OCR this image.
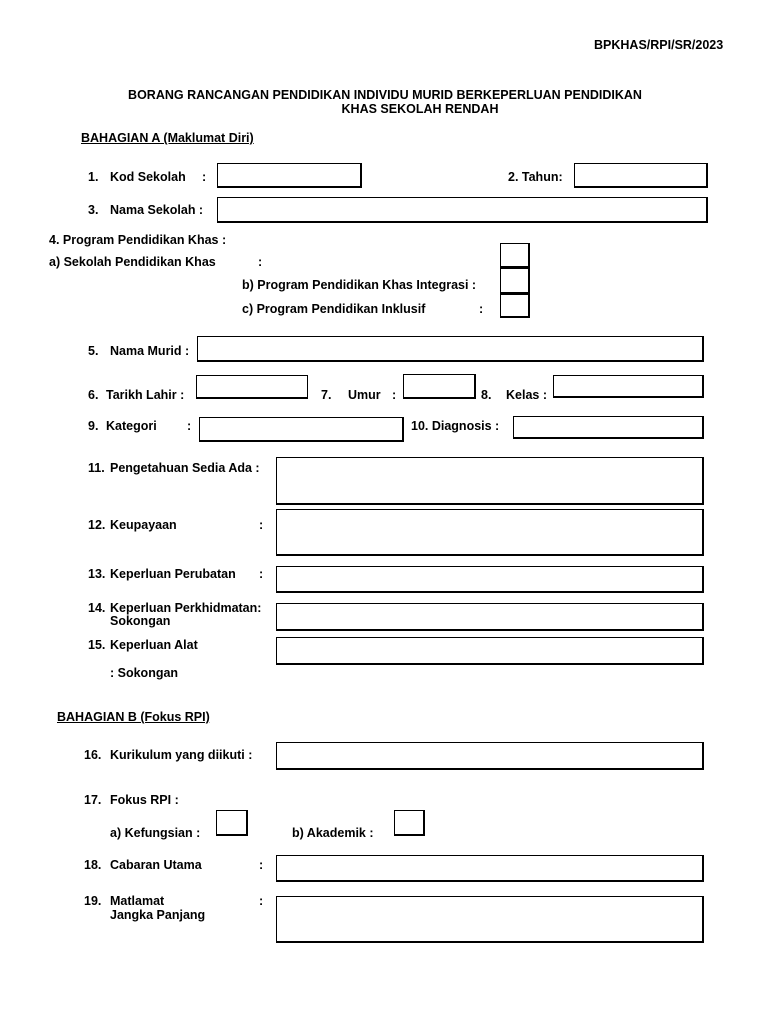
BPKHAS/RPI/SR/2023
BORANG RANCANGAN PENDIDIKAN INDIVIDU MURID BERKEPERLUAN PENDIDIKAN
KHAS SEKOLAH RENDAH
BAHAGIAN A (Maklumat Diri)
1. Kod Sekolah :	2. Tahun:
3. Nama Sekolah :
4. Program Pendidikan Khas :
a) Sekolah Pendidikan Khas	:
b) Program Pendidikan Khas Integrasi :
c) Program Pendidikan Inklusif	:
5. Nama Murid :
6. Tarikh Lahir :	7. Umur :	8. Kelas :
9. Kategori :	10. Diagnosis :
11. Pengetahuan Sedia Ada :
12. Keupayaan	:
13. Keperluan Perubatan :
14. Keperluan Perkhidmatan:
Sokongan
15. Keperluan Alat
: Sokongan
BAHAGIAN B (Fokus RPI)
16. Kurikulum yang diikuti :
17. Fokus RPI :
a) Kefungsian :	b) Akademik :
18. Cabaran Utama	:
19. Matlamat
Jangka Panjang
:
